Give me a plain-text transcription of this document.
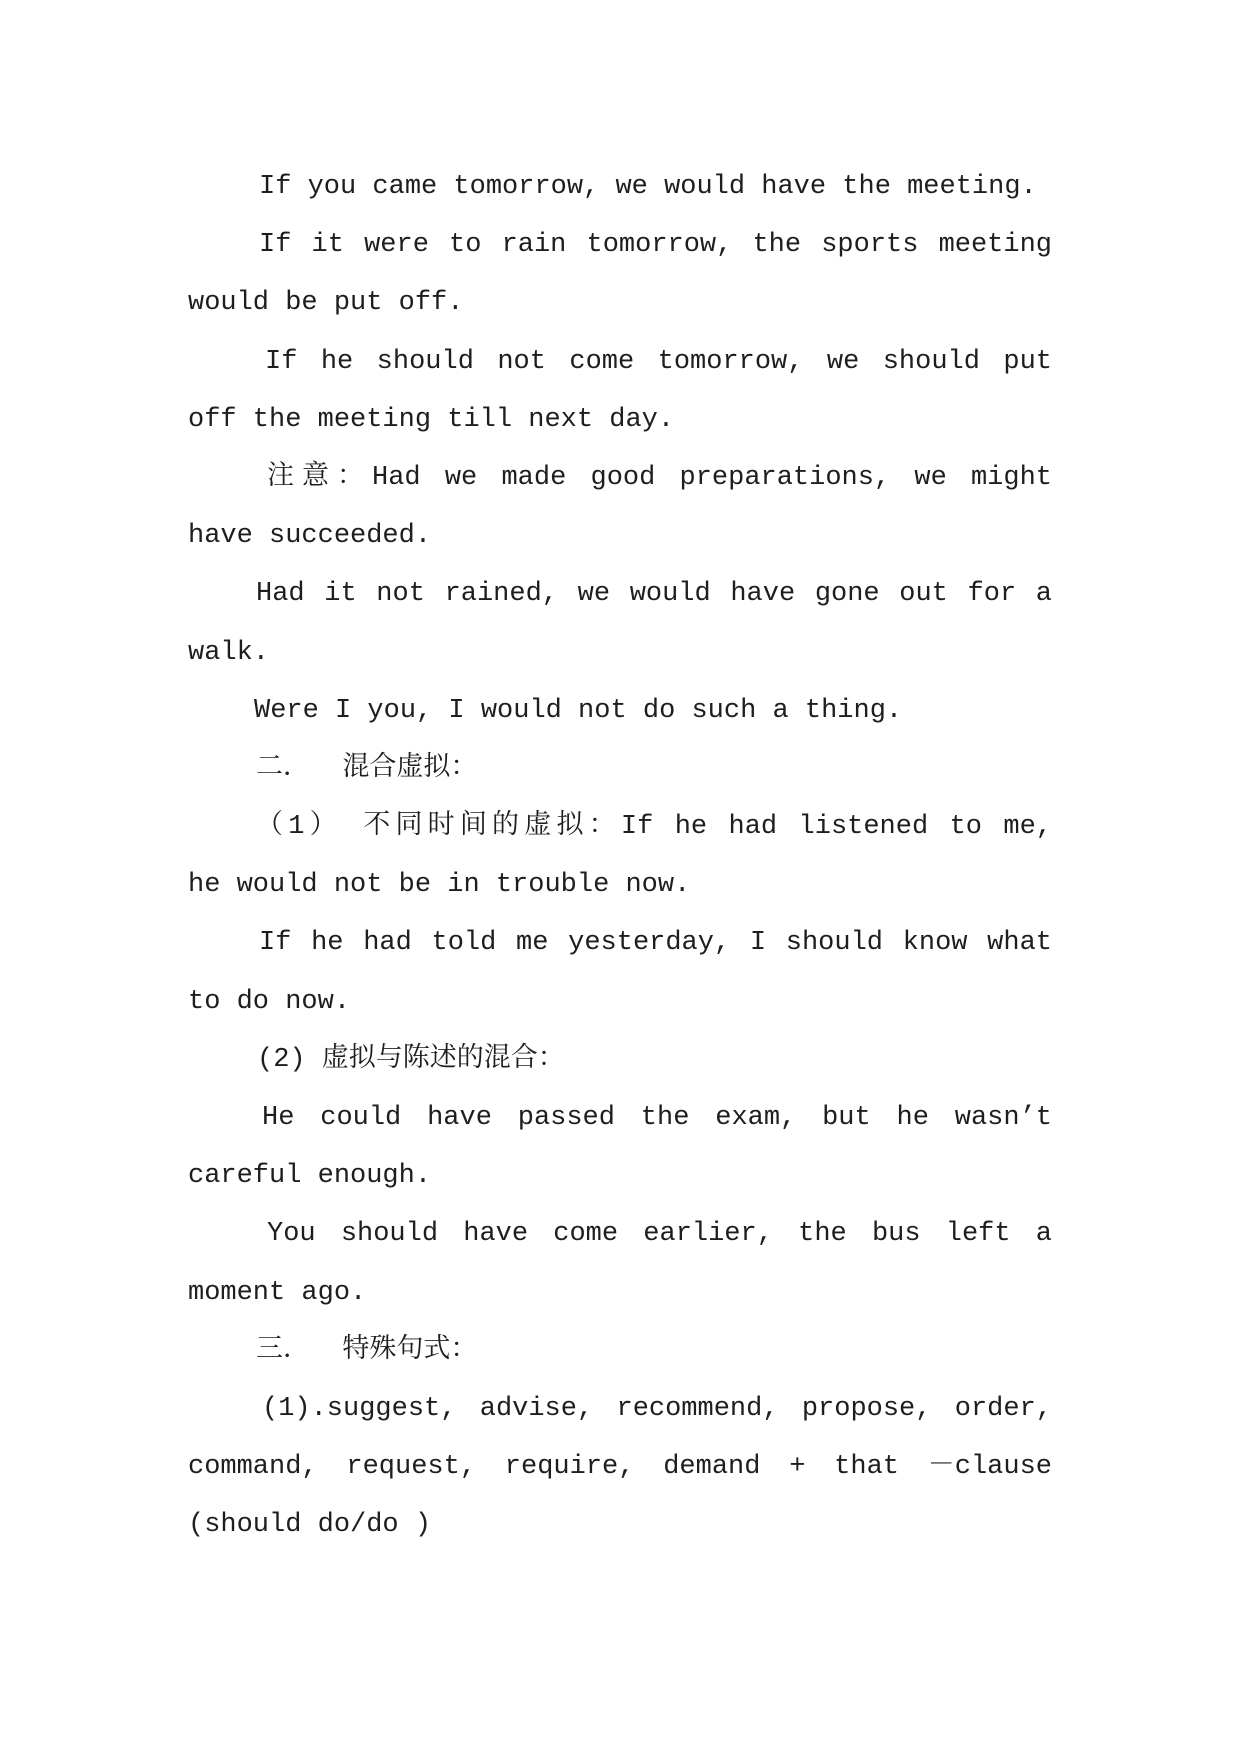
If you came tomorrow, we would have the meeting.
If it were to rain tomorrow, the sports meeting
would be put off.
If he should not come tomorrow, we should put
off the meeting till next day.
注意：Had we made good preparations, we might
have succeeded.
Had it not rained, we would have gone out for a
walk.
Were I you, I would not do such a thing.
二．  混合虚拟：
（1） 不同时间的虚拟：If he had listened to me,
he would not be in trouble now.
If he had told me yesterday, I should know what
to do now.
(2) 虚拟与陈述的混合：
He could have passed the exam, but he wasn’t
careful enough.
You should have come earlier, the bus left a
moment ago.
三．  特殊句式：
(1).suggest, advise, recommend, propose, order,
command, request, require, demand + that －clause
(should do/do )
